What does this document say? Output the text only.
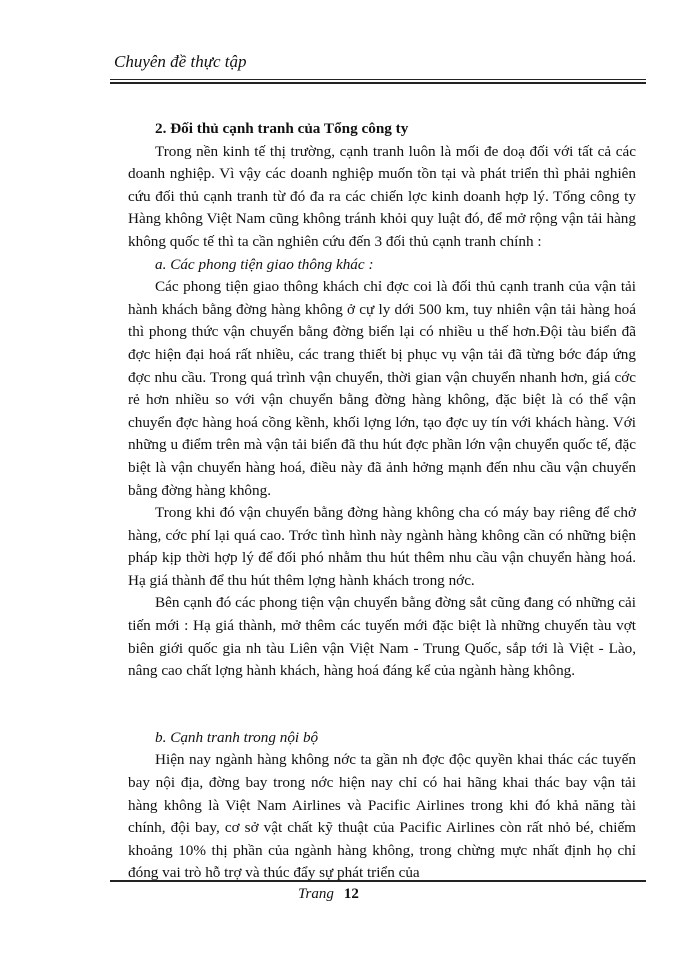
Chuyên đề thực tập

2. Đối thủ cạnh tranh của Tổng công ty

Trong nền kinh tế thị trường, cạnh tranh luôn là mối đe doạ đối với tất cả các doanh nghiệp. Vì vậy các doanh nghiệp muốn tồn tại và phát triển thì phải nghiên cứu đối thủ cạnh tranh từ đó đa ra các chiến lợc kinh doanh hợp lý. Tổng công ty Hàng không Việt Nam cũng không tránh khỏi quy luật đó, để mở rộng vận tải hàng không quốc tế thì ta cần nghiên cứu đến 3 đối thủ cạnh tranh chính :

a. Các phong tiện giao thông khác :

Các phong tiện giao thông khách chỉ đợc coi là đối thủ cạnh tranh của vận tải hành khách bằng đờng hàng không ở cự ly dới 500 km, tuy nhiên vận tải hàng hoá thì phong thức vận chuyển bằng đờng biển lại có nhiều u thế hơn.Đội tàu biển đã đợc hiện đại hoá rất nhiều, các trang thiết bị phục vụ vận tải đã từng bớc đáp ứng đợc nhu cầu. Trong quá trình vận chuyển, thời gian vận chuyển nhanh hơn, giá cớc rẻ hơn nhiều so với vận chuyển bằng đờng hàng không, đặc biệt là có thể vận chuyển đợc hàng hoá cồng kềnh, khối lợng lớn, tạo đợc uy tín với khách hàng. Với những u điểm trên mà vận tải biển đã thu hút đợc phần lớn vận chuyển quốc tế, đặc biệt là vận chuyển hàng hoá, điều này đã ảnh hởng mạnh đến nhu cầu vận chuyển bằng đờng hàng không.

Trong khi đó vận chuyển bằng đờng hàng không cha có máy bay riêng để chở hàng, cớc phí lại quá cao. Trớc tình hình này ngành hàng không cần có những biện pháp kịp thời hợp lý để đối phó nhằm thu hút thêm nhu cầu vận chuyển hàng hoá. Hạ giá thành để thu hút thêm lợng hành khách trong nớc.

Bên cạnh đó các phong tiện vận chuyển bằng đờng sắt cũng đang có những cải tiến mới : Hạ giá thành, mở thêm các tuyến mới đặc biệt là những chuyến tàu vợt biên giới quốc gia nh tàu Liên vận Việt Nam - Trung Quốc, sắp tới là Việt - Lào, nâng cao chất lợng hành khách, hàng hoá đáng kể của ngành hàng không.

b. Cạnh tranh trong nội bộ

Hiện nay ngành hàng không nớc ta gần nh đợc độc quyền khai thác các tuyến bay nội địa, đờng bay trong nớc hiện nay chỉ có hai hãng khai thác bay vận tải hàng không là Việt Nam Airlines và Pacific Airlines trong khi đó khả năng tài chính, đội bay, cơ sở vật chất kỹ thuật của Pacific Airlines còn rất nhỏ bé, chiếm khoảng 10% thị phần của ngành hàng không, trong chừng mực nhất định họ chỉ đóng vai trò hỗ trợ và thúc đẩy sự phát triển của

Trang 12
